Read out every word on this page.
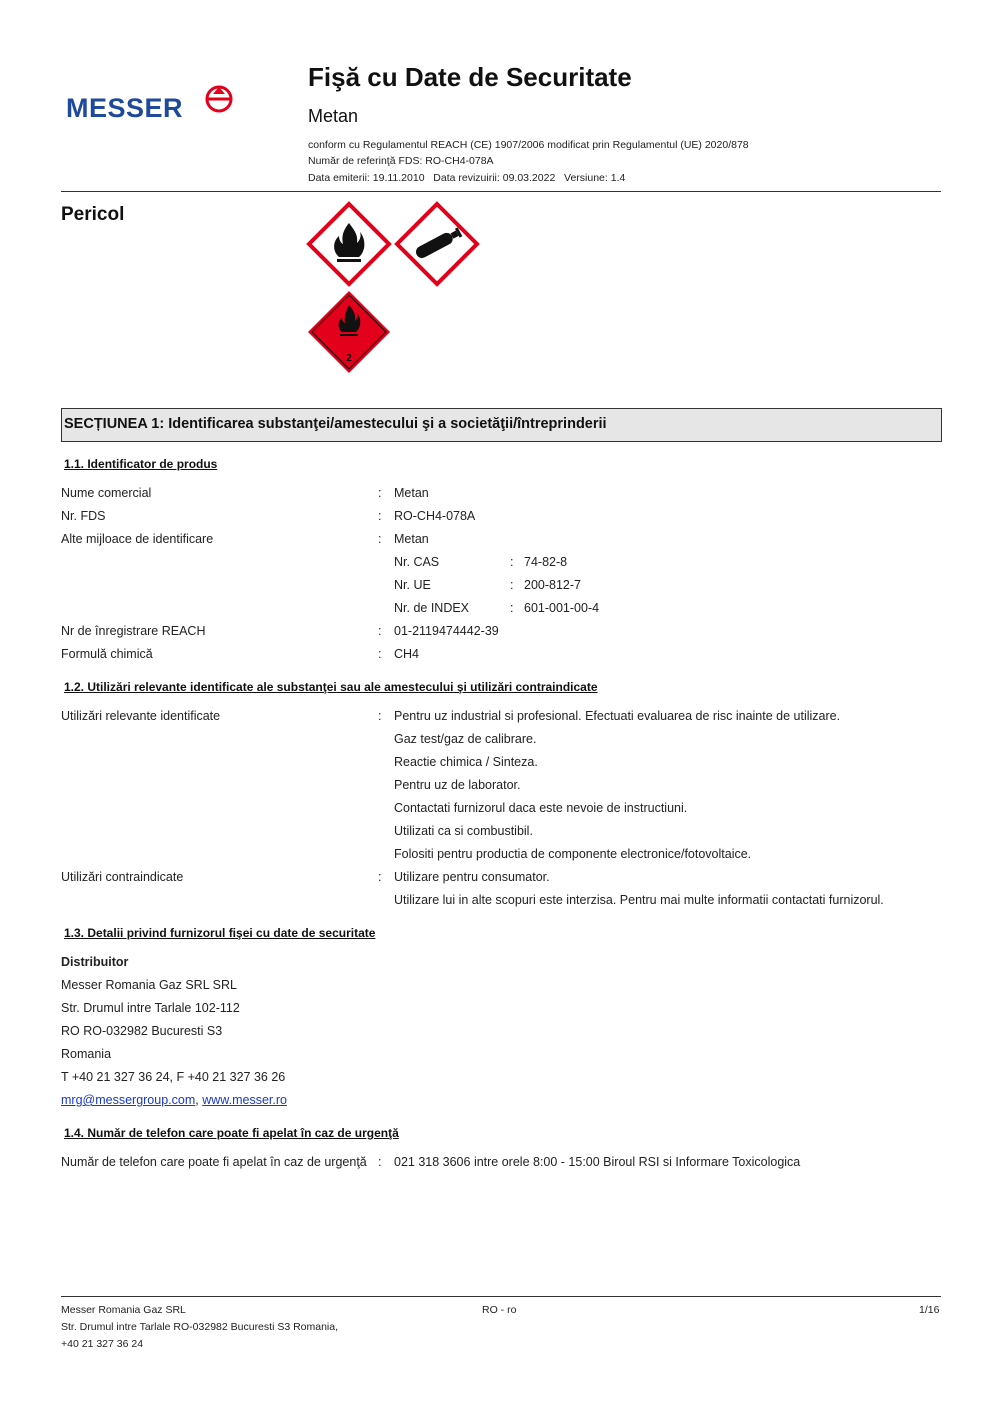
MESSER
Fişă cu Date de Securitate
Metan
conform cu Regulamentul REACH (CE) 1907/2006 modificat prin Regulamentul (UE) 2020/878
Număr de referinţă FDS: RO-CH4-078A
Data emiterii: 19.11.2010   Data revizuirii: 09.03.2022   Versiune: 1.4
Pericol
2
SECȚIUNEA 1: Identificarea substanţei/amestecului şi a societăţii/întreprinderii
1.1. Identificator de produs
Nume comercial	: Metan
Nr. FDS	: RO-CH4-078A
Alte mijloace de identificare	: Metan
Nr. CAS	: 74-82-8
Nr. UE	: 200-812-7
Nr. de INDEX	: 601-001-00-4
Nr de înregistrare REACH	: 01-2119474442-39
Formulă chimică	: CH4
1.2. Utilizări relevante identificate ale substanţei sau ale amestecului şi utilizări contraindicate
Utilizări relevante identificate	: Pentru uz industrial si profesional. Efectuati evaluarea de risc inainte de utilizare.
Gaz test/gaz de calibrare.
Reactie chimica / Sinteza.
Pentru uz de laborator.
Contactati furnizorul daca este nevoie de instructiuni.
Utilizati ca si combustibil.
Folositi pentru productia de componente electronice/fotovoltaice.
Utilizări contraindicate	: Utilizare pentru consumator.
Utilizare lui in alte scopuri este interzisa. Pentru mai multe informatii contactati furnizorul.
1.3. Detalii privind furnizorul fişei cu date de securitate
Distribuitor
Messer Romania Gaz SRL SRL
Str. Drumul intre Tarlale 102-112
RO RO-032982 Bucuresti S3
Romania
T +40 21 327 36 24, F +40 21 327 36 26
mrg@messergroup.com, www.messer.ro
1.4. Număr de telefon care poate fi apelat în caz de urgenţă
Număr de telefon care poate fi apelat în caz de urgenţă : 021 318 3606 intre orele 8:00 - 15:00 Biroul RSI si Informare Toxicologica
Messer Romania Gaz SRL
Str. Drumul intre Tarlale RO-032982 Bucuresti S3 Romania,
+40 21 327 36 24
RO - ro	1/16
